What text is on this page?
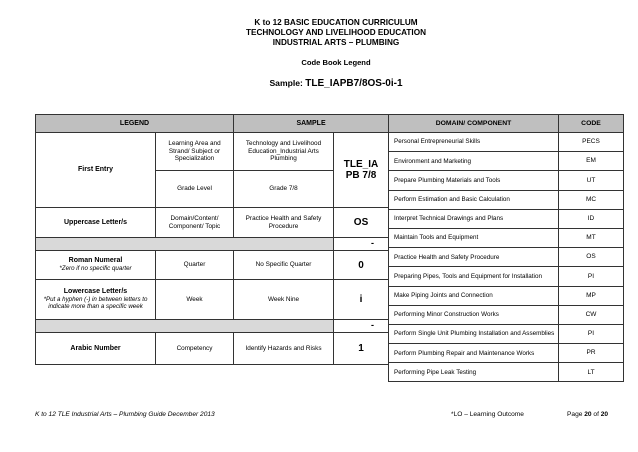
K to 12 BASIC EDUCATION CURRICULUM
TECHNOLOGY AND LIVELIHOOD EDUCATION
INDUSTRIAL ARTS – PLUMBING
Code Book Legend
Sample: TLE_IAPB7/8OS-0i-1
LEGEND		SAMPLE	
First Entry	Learning Area and Strand/ Subject or Specialization	Technology and Livelihood Education_Industrial Arts Plumbing	TLE_IA PB 7/8
	Grade Level	Grade 7/8	
Uppercase Letter/s	Domain/Content/ Component/ Topic	Practice Health and Safety Procedure	OS
			-

Roman Numeral
*Zero if no specific quarter	Quarter	No Specific Quarter	0

Lowercase Letter/s
*Put a hyphen (-) in between letters to indicate more than a specific week	Week	Week Nine	i
			-
Arabic Number	Competency	Identify Hazards and Risks	1
DOMAIN/ COMPONENT	CODE
Personal Entrepreneurial Skills	PECS
Environment and Marketing	EM
Prepare Plumbing Materials and Tools	UT
Perform Estimation and Basic Calculation	MC
Interpret Technical Drawings and Plans	ID
Maintain Tools and Equipment	MT
Practice Health and Safety Procedure	OS
Preparing Pipes, Tools and Equipment for Installation	PI
Make Piping Joints and Connection	MP
Performing Minor Construction Works	CW
Perform Single Unit Plumbing Installation and Assemblies	PI
Perform Plumbing Repair and Maintenance Works	PR
Performing Pipe Leak Testing	LT
K to 12 TLE Industrial Arts – Plumbing Guide December 2013	*LO – Learning Outcome	Page 20 of 20
